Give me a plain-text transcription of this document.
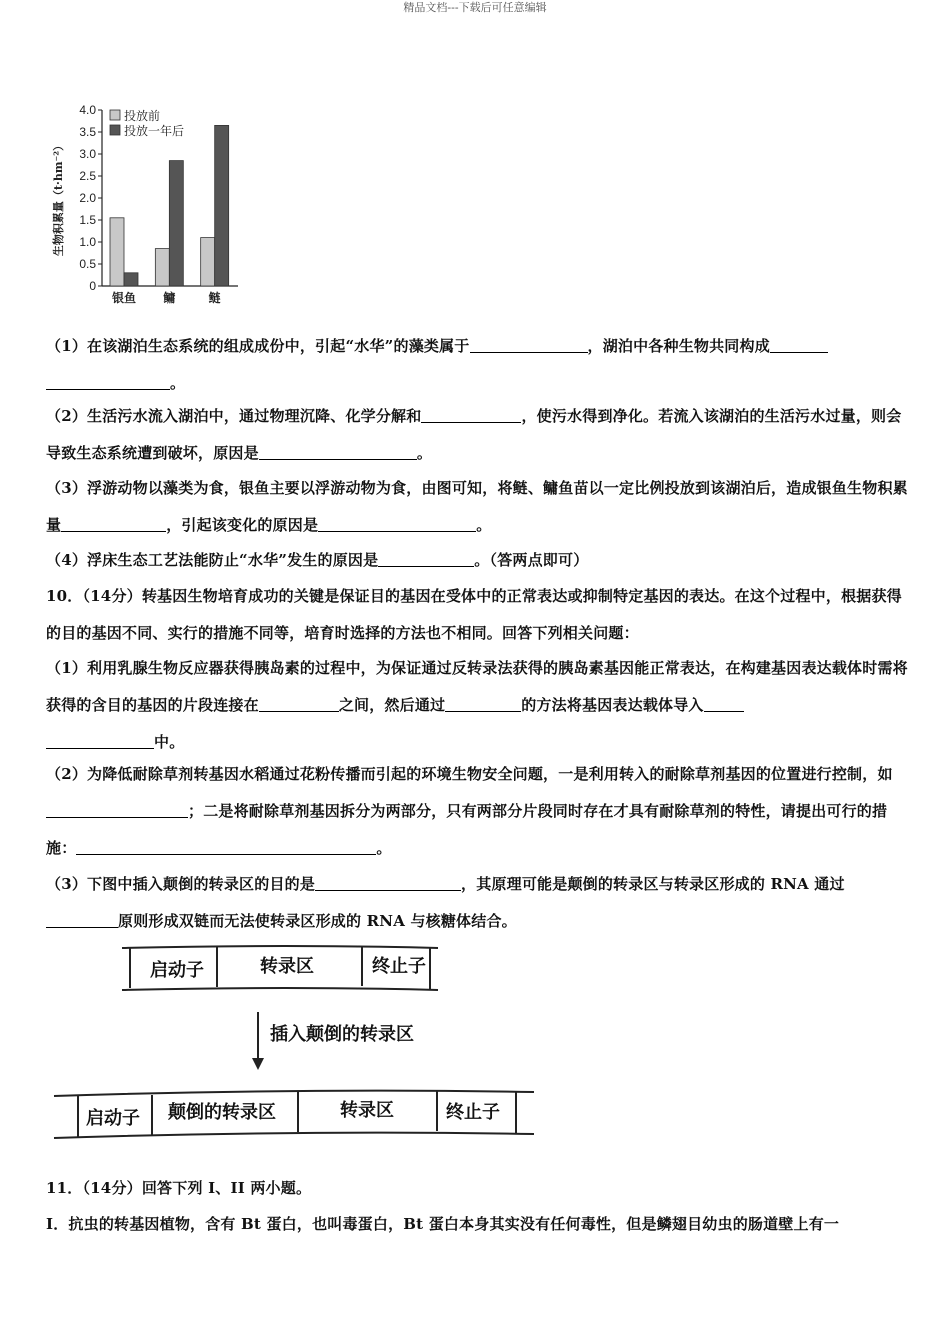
精品文档---下载后可任意编辑
0
0.5
1.0
1.5
2.0
2.5
3.0
3.5
4.0
生物积累量（t·hm⁻²）
银鱼 鳙	鲢
投放前
投放一年后

（1）在该湖泊生态系统的组成成份中，引起“水华”的藻类属于	，湖泊中各种生物共同构成
。

（2）生活污水流入湖泊中，通过物理沉降、化学分解和	，使污水得到净化。若流入该湖泊的生活污水过量，则会导致生态系统遭到破坏，原因是	。

（3）浮游动物以藻类为食，银鱼主要以浮游动物为食，由图可知，将鲢、鳙鱼苗以一定比例投放到该湖泊后，造成银鱼生物积累量	，引起该变化的原因是	。

（4）浮床生态工艺法能防止“水华”发生的原因是	。（答两点即可）

10．（14分）转基因生物培育成功的关键是保证目的基因在受体中的正常表达或抑制特定基因的表达。在这个过程中，根据获得的目的基因不同、实行的措施不同等，培育时选择的方法也不相同。回答下列相关问题：

（1）利用乳腺生物反应器获得胰岛素的过程中，为保证通过反转录法获得的胰岛素基因能正常表达，在构建基因表达载体时需将获得的含目的基因的片段连接在	之间，然后通过	的方法将基因表达载体导入
中。

（2）为降低耐除草剂转基因水稻通过花粉传播而引起的环境生物安全问题，一是利用转入的耐除草剂基因的位置进行控制，如；二是将耐除草剂基因拆分为两部分，只有两部分片段同时存在才具有耐除草剂的特性，请提出可行的措施：	。

（3）下图中插入颠倒的转录区的目的是	，其原理可能是颠倒的转录区与转录区形成的 RNA 通过
原则形成双链而无法使转录区形成的 RNA 与核糖体结合。

启动子	转录区	终止子
插入颠倒的转录区
启动子 颠倒的转录区	转录区	终止子

11．（14分）回答下列 I、II 两小题。

I．抗虫的转基因植物，含有 Bt 蛋白，也叫毒蛋白，Bt 蛋白本身其实没有任何毒性，但是鳞翅目幼虫的肠道壁上有一
